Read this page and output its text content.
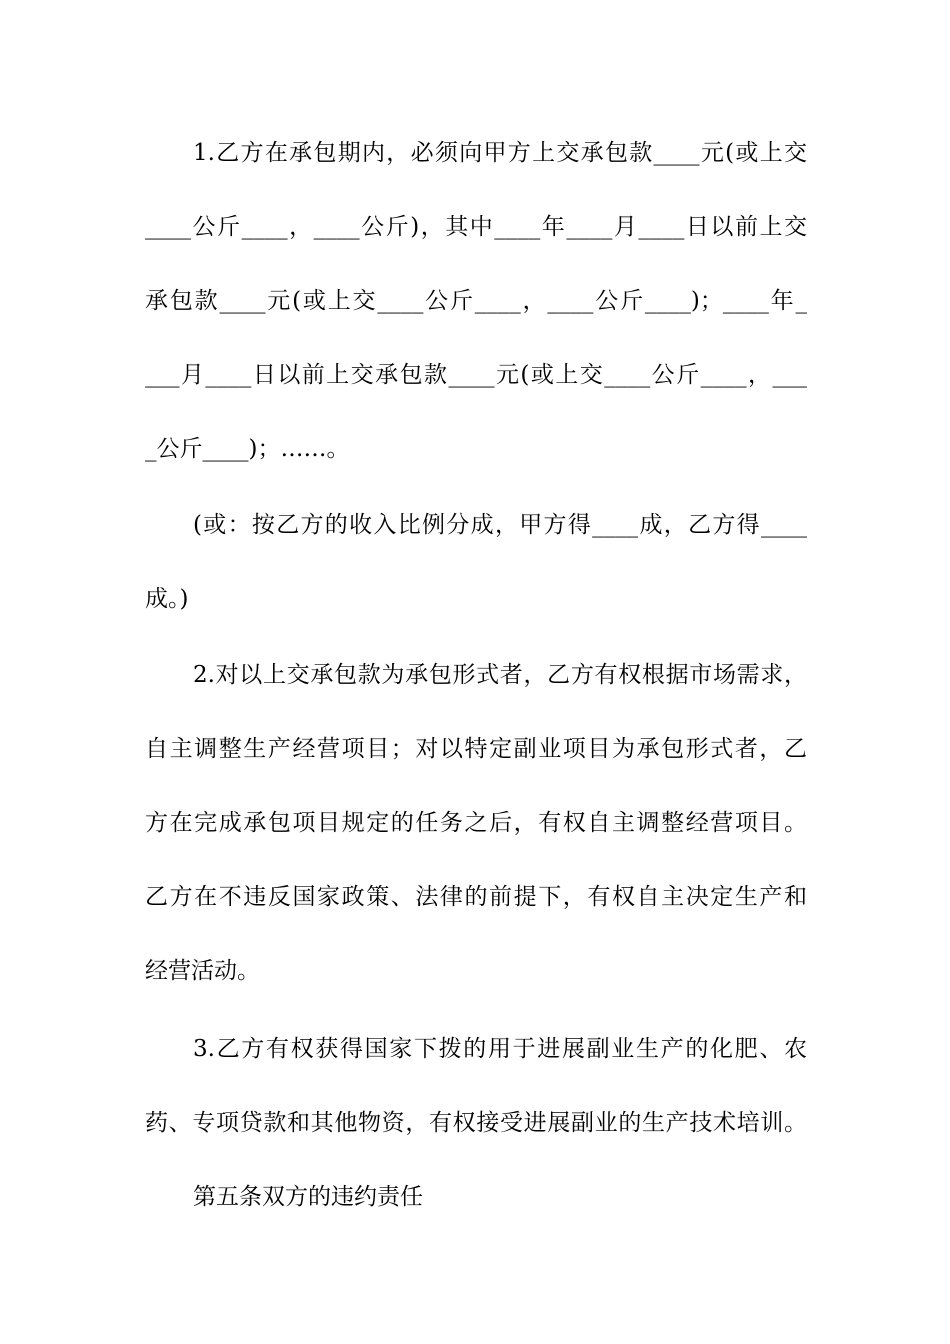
1.乙方在承包期内，必须向甲方上交承包款____元(或上交
____公斤____，____公斤)，其中____年____月____日以前上交
承包款____元(或上交____公斤____，____公斤____)；____年_
___月____日以前上交承包款____元(或上交____公斤____，___
_公斤____)；……。
(或：按乙方的收入比例分成，甲方得____成，乙方得____
成。)
2.对以上交承包款为承包形式者，乙方有权根据市场需求，
自主调整生产经营项目；对以特定副业项目为承包形式者，乙
方在完成承包项目规定的任务之后，有权自主调整经营项目。
乙方在不违反国家政策、法律的前提下，有权自主决定生产和
经营活动。
3.乙方有权获得国家下拨的用于进展副业生产的化肥、农
药、专项贷款和其他物资，有权接受进展副业的生产技术培训。
第五条双方的违约责任
